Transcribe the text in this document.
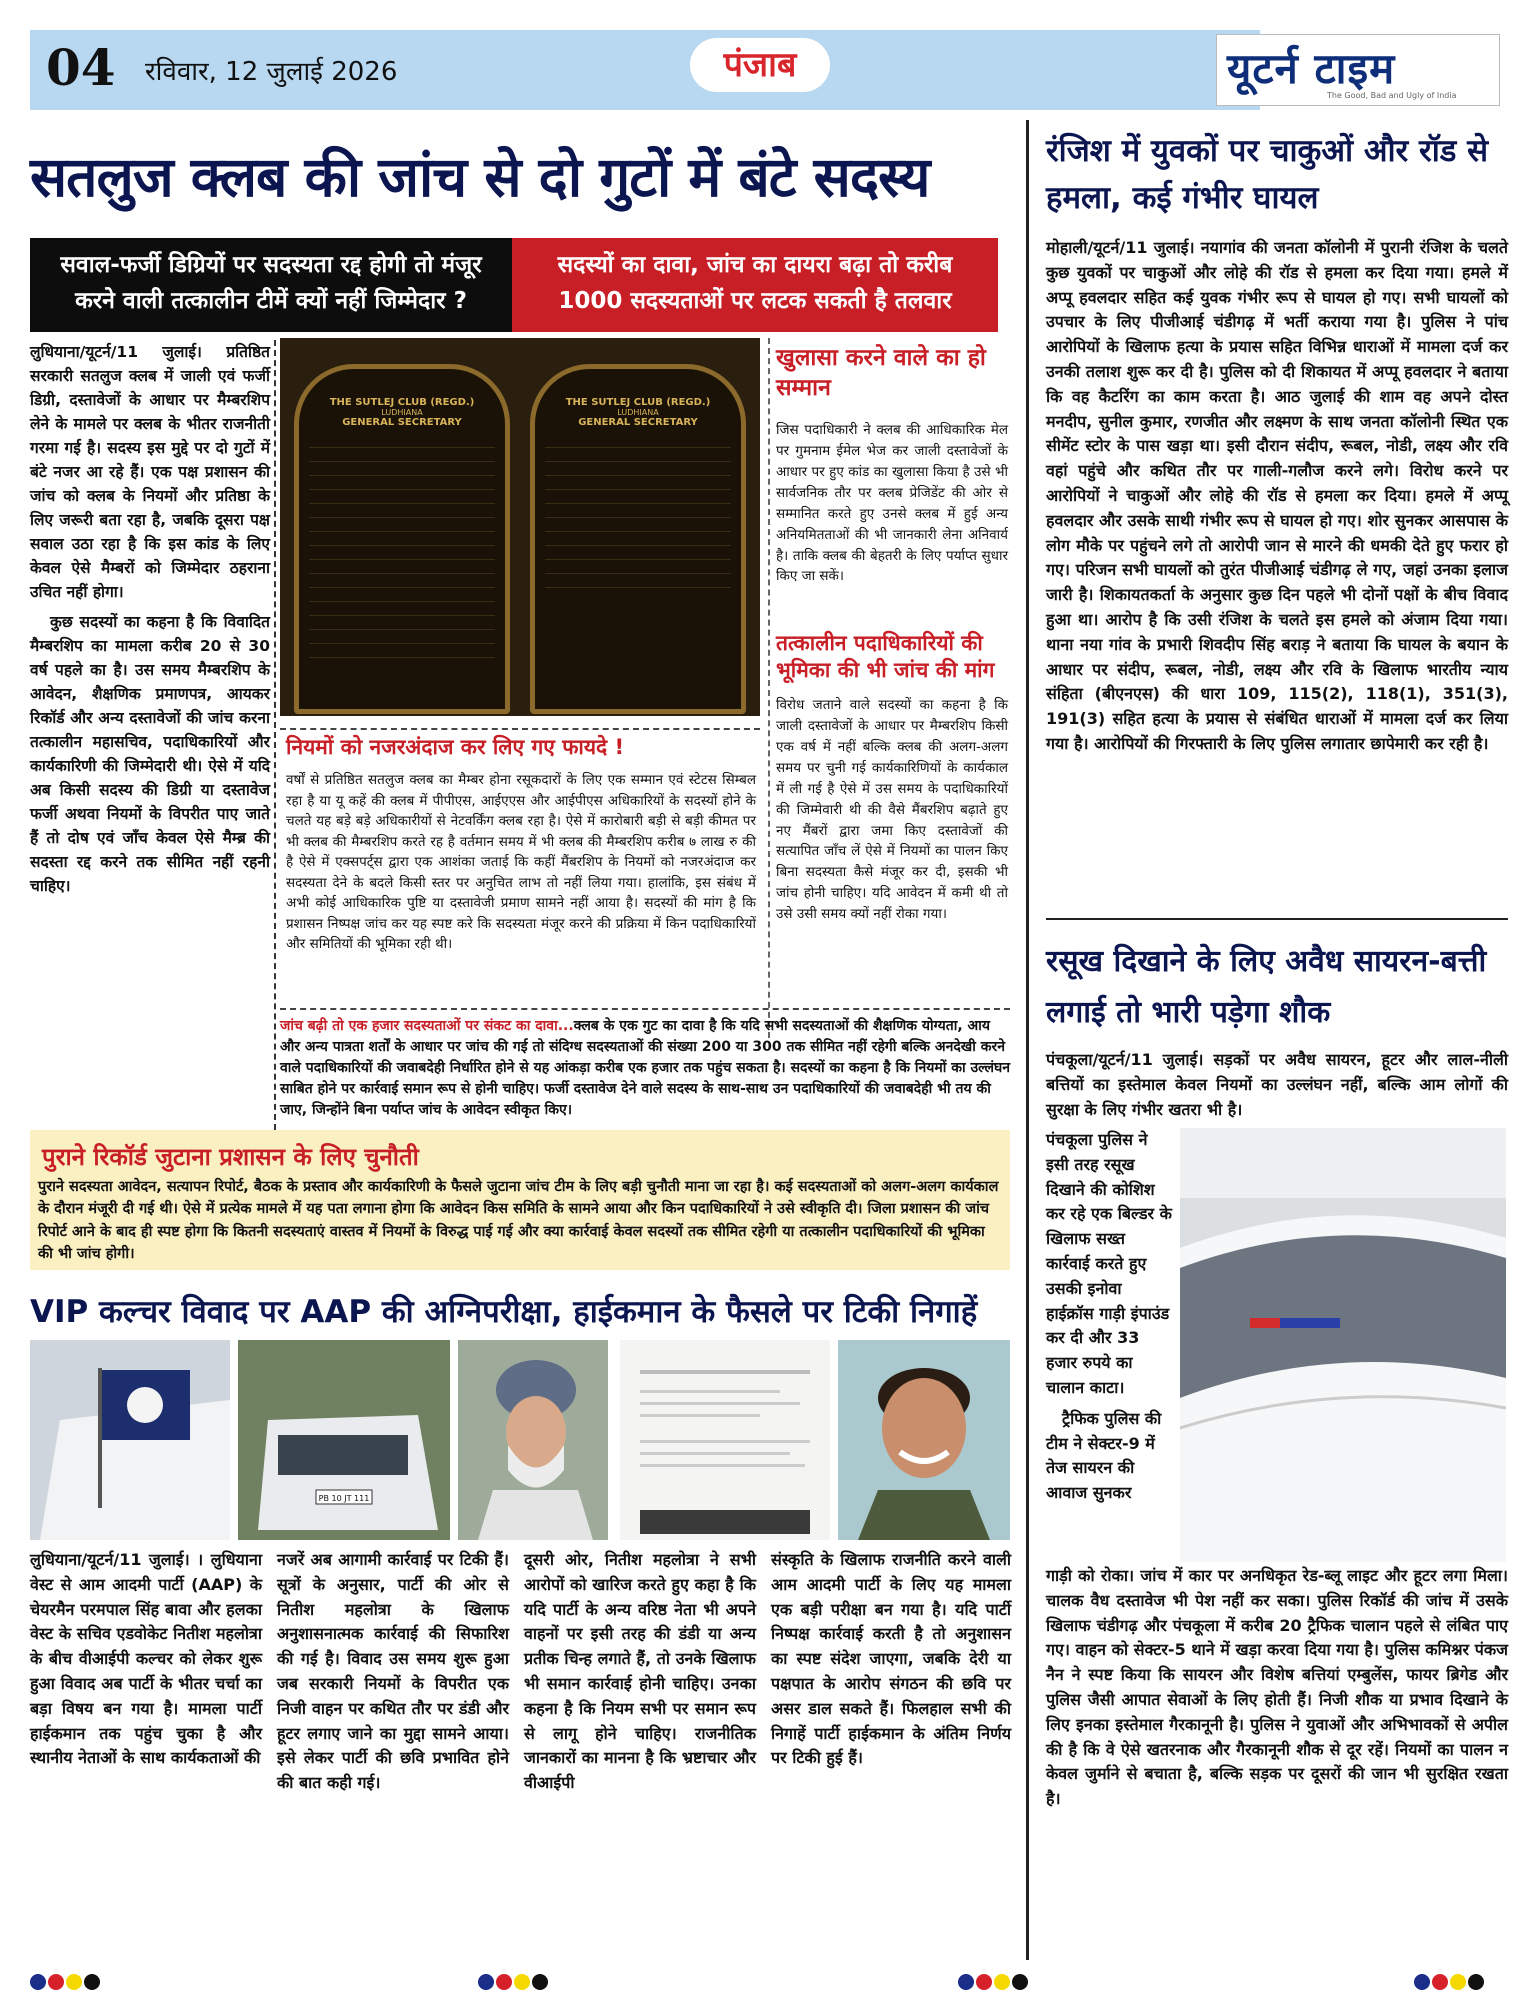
04 रविवार, 12 जुलाई 2026	पंजाब	यूटर्न टाइम
The Good, Bad and Ugly of India
सतलुज क्लब की जांच से दो गुटों में बंटे सदस्य
सवाल-फर्जी डिग्रियों पर सदस्यता रद्द होगी तो मंजूर करने वाली तत्कालीन टीमें क्यों नहीं जिम्मेदार ?
सदस्यों का दावा, जांच का दायरा बढ़ा तो करीब 1000 सदस्यताओं पर लटक सकती है तलवार

लुधियाना/यूटर्न/11 जुलाई। प्रतिष्ठित सरकारी सतलुज क्लब में जाली एवं फर्जी डिग्री, दस्तावेजों के आधार पर मैम्बरशिप लेने के मामले पर क्लब के भीतर राजनीती गरमा गई है। सदस्य इस मुद्दे पर दो गुटों में बंटे नजर आ रहे हैं। एक पक्ष प्रशासन की जांच को क्लब के नियमों और प्रतिष्ठा के लिए जरूरी बता रहा है, जबकि दूसरा पक्ष सवाल उठा रहा है कि इस कांड के लिए केवल ऐसे मैम्बरों को जिम्मेदार ठहराना उचित नहीं होगा।

कुछ सदस्यों का कहना है कि विवादित मैम्बरशिप का मामला करीब 20 से 30 वर्ष पहले का है। उस समय मैम्बरशिप के आवेदन, शैक्षणिक प्रमाणपत्र, आयकर रिकॉर्ड और अन्य दस्तावेजों की जांच करना तत्कालीन महासचिव, पदाधिकारियों और कार्यकारिणी की जिम्मेदारी थी। ऐसे में यदि अब किसी सदस्य की डिग्री या दस्तावेज फर्जी अथवा नियमों के विपरीत पाए जाते हैं तो दोष एवं जाँच केवल ऐसे मैम्ब्र की सदस्ता रद्द करने तक सीमित नहीं रहनी चाहिए।

THE SUTLEJ CLUB (REGD.)
LUDHIANA
GENERAL SECRETARY
THE SUTLEJ CLUB (REGD.)
LUDHIANA
GENERAL SECRETARY
खुलासा करने वाले का हो सम्मान
जिस पदाधिकारी ने क्लब की आधिकारिक मेल पर गुमनाम ईमेल भेज कर जाली दस्तावेजों के आधार पर हुए कांड का खुलासा किया है उसे भी सार्वजनिक तौर पर क्लब प्रेजिडेंट की ओर से सम्मानित करते हुए उनसे क्लब में हुई अन्य अनियमितताओं की भी जानकारी लेना अनिवार्य है। ताकि क्लब की बेहतरी के लिए पर्याप्त सुधार किए जा सकें।
तत्कालीन पदाधिकारियों की भूमिका की भी जांच की मांग
विरोध जताने वाले सदस्यों का कहना है कि जाली दस्तावेजों के आधार पर मैम्बरशिप किसी एक वर्ष में नहीं बल्कि क्लब की अलग-अलग समय पर चुनी गई कार्यकारिणियों के कार्यकाल में ली गई है ऐसे में उस समय के पदाधिकारियों की जिम्मेवारी थी की वैसे मैंबरशिप बढ़ाते हुए नए मैंबरों द्वारा जमा किए दस्तावेजों की सत्यापित जाँच लें ऐसे में नियमों का पालन किए बिना सदस्यता कैसे मंजूर कर दी, इसकी भी जांच होनी चाहिए। यदि आवेदन में कमी थी तो उसे उसी समय क्यों नहीं रोका गया।
नियमों को नजरअंदाज कर लिए गए फायदे !
वर्षों से प्रतिष्ठित सतलुज क्लब का मैम्बर होना रसूकदारों के लिए एक सम्मान एवं स्टेटस सिम्बल रहा है या यू कहें की क्लब में पीपीएस, आईएएस और आईपीएस अधिकारियों के सदस्यों होने के चलते यह बड़े बड़े अधिकारीयों से नेटवर्किंग क्लब रहा है। ऐसे में कारोबारी बड़ी से बड़ी कीमत पर भी क्लब की मैम्बरशिप करते रह है वर्तमान समय में भी क्लब की मैम्बरशिप करीब ७ लाख रु की है ऐसे में एक्सपर्ट्स द्वारा एक आशंका जताई कि कहीं मैंबरशिप के नियमों को नजरअंदाज कर सदस्यता देने के बदले किसी स्तर पर अनुचित लाभ तो नहीं लिया गया। हालांकि, इस संबंध में अभी कोई आधिकारिक पुष्टि या दस्तावेजी प्रमाण सामने नहीं आया है। सदस्यों की मांग है कि प्रशासन निष्पक्ष जांच कर यह स्पष्ट करे कि सदस्यता मंजूर करने की प्रक्रिया में किन पदाधिकारियों और समितियों की भूमिका रही थी।
जांच बढ़ी तो एक हजार सदस्यताओं पर संकट का दावा...क्लब के एक गुट का दावा है कि यदि सभी सदस्यताओं की शैक्षणिक योग्यता, आय और अन्य पात्रता शर्तों के आधार पर जांच की गई तो संदिग्ध सदस्यताओं की संख्या 200 या 300 तक सीमित नहीं रहेगी बल्कि अनदेखी करने वाले पदाधिकारियों की जवाबदेही निर्धारित होने से यह आंकड़ा करीब एक हजार तक पहुंच सकता है। सदस्यों का कहना है कि नियमों का उल्लंघन साबित होने पर कार्रवाई समान रूप से होनी चाहिए। फर्जी दस्तावेज देने वाले सदस्य के साथ-साथ उन पदाधिकारियों की जवाबदेही भी तय की जाए, जिन्होंने बिना पर्याप्त जांच के आवेदन स्वीकृत किए।
पुराने रिकॉर्ड जुटाना प्रशासन के लिए चुनौती
पुराने सदस्यता आवेदन, सत्यापन रिपोर्ट, बैठक के प्रस्ताव और कार्यकारिणी के फैसले जुटाना जांच टीम के लिए बड़ी चुनौती माना जा रहा है। कई सदस्यताओं को अलग-अलग कार्यकाल के दौरान मंजूरी दी गई थी। ऐसे में प्रत्येक मामले में यह पता लगाना होगा कि आवेदन किस समिति के सामने आया और किन पदाधिकारियों ने उसे स्वीकृति दी। जिला प्रशासन की जांच रिपोर्ट आने के बाद ही स्पष्ट होगा कि कितनी सदस्यताएं वास्तव में नियमों के विरुद्ध पाई गई और क्या कार्रवाई केवल सदस्यों तक सीमित रहेगी या तत्कालीन पदाधिकारियों की भूमिका की भी जांच होगी।
VIP कल्चर विवाद पर AAP की अग्निपरीक्षा, हाईकमान के फैसले पर टिकी निगाहें
PB 10 JT 111
लुधियाना/यूटर्न/11 जुलाई। । लुधियाना वेस्ट से आम आदमी पार्टी (AAP) के चेयरमैन परमपाल सिंह बावा और हलका वेस्ट के सचिव एडवोकेट नितीश महलोत्रा के बीच वीआईपी कल्चर को लेकर शुरू हुआ विवाद अब पार्टी के भीतर चर्चा का बड़ा विषय बन गया है। मामला पार्टी हाईकमान तक पहुंच चुका है और स्थानीय नेताओं के साथ कार्यकताओं की
नजरें अब आगामी कार्रवाई पर टिकी हैं। सूत्रों के अनुसार, पार्टी की ओर से नितीश महलोत्रा के खिलाफ अनुशासनात्मक कार्रवाई की सिफारिश की गई है। विवाद उस समय शुरू हुआ जब सरकारी नियमों के विपरीत एक निजी वाहन पर कथित तौर पर डंडी और हूटर लगाए जाने का मुद्दा सामने आया। इसे लेकर पार्टी की छवि प्रभावित होने की बात कही गई।
दूसरी ओर, नितीश महलोत्रा ने सभी आरोपों को खारिज करते हुए कहा है कि यदि पार्टी के अन्य वरिष्ठ नेता भी अपने वाहनों पर इसी तरह की डंडी या अन्य प्रतीक चिन्ह लगाते हैं, तो उनके खिलाफ भी समान कार्रवाई होनी चाहिए। उनका कहना है कि नियम सभी पर समान रूप से लागू होने चाहिए। राजनीतिक जानकारों का मानना है कि भ्रष्टाचार और वीआईपी
संस्कृति के खिलाफ राजनीति करने वाली आम आदमी पार्टी के लिए यह मामला एक बड़ी परीक्षा बन गया है। यदि पार्टी निष्पक्ष कार्रवाई करती है तो अनुशासन का स्पष्ट संदेश जाएगा, जबकि देरी या पक्षपात के आरोप संगठन की छवि पर असर डाल सकते हैं। फिलहाल सभी की निगाहें पार्टी हाईकमान के अंतिम निर्णय पर टिकी हुई हैं।
रंजिश में युवकों पर चाकुओं और रॉड से हमला, कई गंभीर घायल
मोहाली/यूटर्न/11 जुलाई। नयागांव की जनता कॉलोनी में पुरानी रंजिश के चलते कुछ युवकों पर चाकुओं और लोहे की रॉड से हमला कर दिया गया। हमले में अप्पू हवलदार सहित कई युवक गंभीर रूप से घायल हो गए। सभी घायलों को उपचार के लिए पीजीआई चंडीगढ़ में भर्ती कराया गया है। पुलिस ने पांच आरोपियों के खिलाफ हत्या के प्रयास सहित विभिन्न धाराओं में मामला दर्ज कर उनकी तलाश शुरू कर दी है। पुलिस को दी शिकायत में अप्पू हवलदार ने बताया कि वह कैटरिंग का काम करता है। आठ जुलाई की शाम वह अपने दोस्त मनदीप, सुनील कुमार, रणजीत और लक्ष्मण के साथ जनता कॉलोनी स्थित एक सीमेंट स्टोर के पास खड़ा था। इसी दौरान संदीप, रूबल, नोडी, लक्ष्य और रवि वहां पहुंचे और कथित तौर पर गाली-गलौज करने लगे। विरोध करने पर आरोपियों ने चाकुओं और लोहे की रॉड से हमला कर दिया। हमले में अप्पू हवलदार और उसके साथी गंभीर रूप से घायल हो गए। शोर सुनकर आसपास के लोग मौके पर पहुंचने लगे तो आरोपी जान से मारने की धमकी देते हुए फरार हो गए। परिजन सभी घायलों को तुरंत पीजीआई चंडीगढ़ ले गए, जहां उनका इलाज जारी है। शिकायतकर्ता के अनुसार कुछ दिन पहले भी दोनों पक्षों के बीच विवाद हुआ था। आरोप है कि उसी रंजिश के चलते इस हमले को अंजाम दिया गया। थाना नया गांव के प्रभारी शिवदीप सिंह बराड़ ने बताया कि घायल के बयान के आधार पर संदीप, रूबल, नोडी, लक्ष्य और रवि के खिलाफ भारतीय न्याय संहिता (बीएनएस) की धारा 109, 115(2), 118(1), 351(3), 191(3) सहित हत्या के प्रयास से संबंधित धाराओं में मामला दर्ज कर लिया गया है। आरोपियों की गिरफ्तारी के लिए पुलिस लगातार छापेमारी कर रही है।
रसूख दिखाने के लिए अवैध सायरन-बत्ती लगाई तो भारी पड़ेगा शौक
पंचकूला/यूटर्न/11 जुलाई। सड़कों पर अवैध सायरन, हूटर और लाल-नीली बत्तियों का इस्तेमाल केवल नियमों का उल्लंघन नहीं, बल्कि आम लोगों की सुरक्षा के लिए गंभीर खतरा भी है।

पंचकूला पुलिस ने इसी तरह रसूख दिखाने की कोशिश कर रहे एक बिल्डर के खिलाफ सख्त कार्रवाई करते हुए उसकी इनोवा हाईक्रॉस गाड़ी इंपाउंड कर दी और 33 हजार रुपये का चालान काटा।

ट्रैफिक पुलिस की टीम ने सेक्टर-9 में तेज सायरन की आवाज सुनकर

गाड़ी को रोका। जांच में कार पर अनधिकृत रेड-ब्लू लाइट और हूटर लगा मिला। चालक वैध दस्तावेज भी पेश नहीं कर सका। पुलिस रिकॉर्ड की जांच में उसके खिलाफ चंडीगढ़ और पंचकूला में करीब 20 ट्रैफिक चालान पहले से लंबित पाए गए। वाहन को सेक्टर-5 थाने में खड़ा करवा दिया गया है। पुलिस कमिश्नर पंकज नैन ने स्पष्ट किया कि सायरन और विशेष बत्तियां एम्बुलेंस, फायर ब्रिगेड और पुलिस जैसी आपात सेवाओं के लिए होती हैं। निजी शौक या प्रभाव दिखाने के लिए इनका इस्तेमाल गैरकानूनी है। पुलिस ने युवाओं और अभिभावकों से अपील की है कि वे ऐसे खतरनाक और गैरकानूनी शौक से दूर रहें। नियमों का पालन न केवल जुर्माने से बचाता है, बल्कि सड़क पर दूसरों की जान भी सुरक्षित रखता है।
